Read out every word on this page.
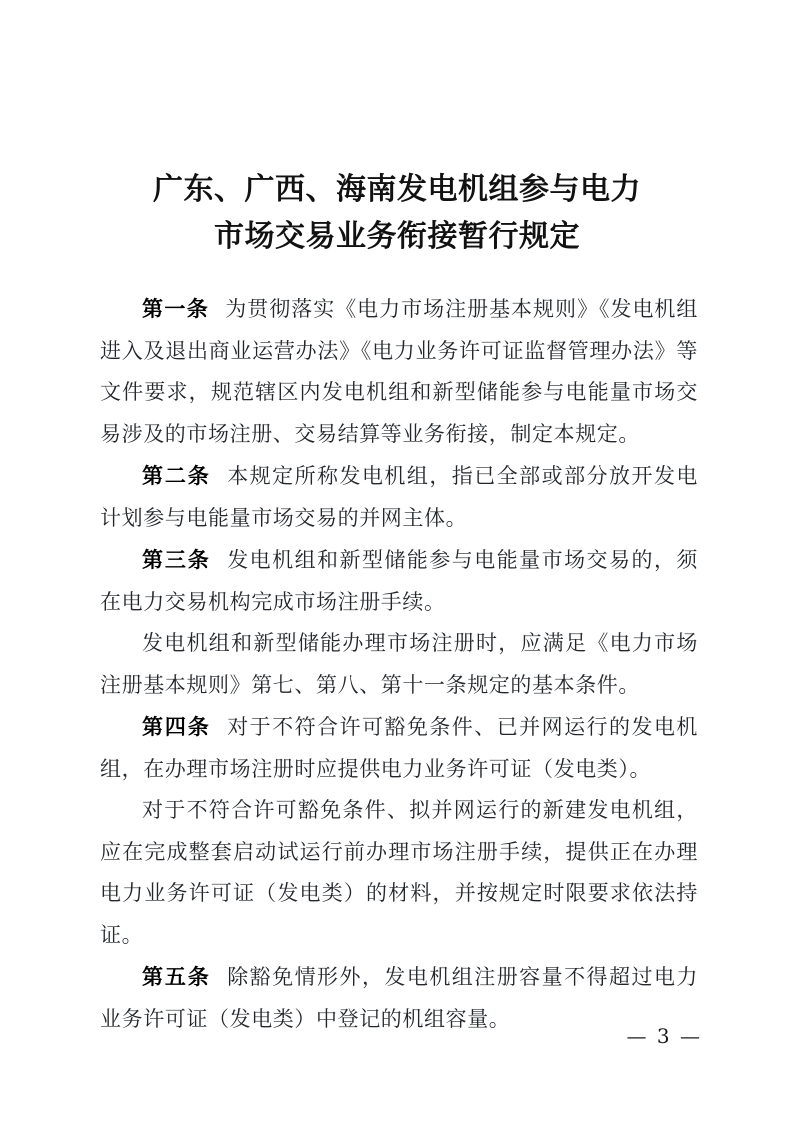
广东、广西、海南发电机组参与电力
市场交易业务衔接暂行规定

第一条 为贯彻落实《电力市场注册基本规则》《发电机组进入及退出商业运营办法》《电力业务许可证监督管理办法》等文件要求，规范辖区内发电机组和新型储能参与电能量市场交易涉及的市场注册、交易结算等业务衔接，制定本规定。

第二条 本规定所称发电机组，指已全部或部分放开发电计划参与电能量市场交易的并网主体。

第三条 发电机组和新型储能参与电能量市场交易的，须在电力交易机构完成市场注册手续。

发电机组和新型储能办理市场注册时，应满足《电力市场注册基本规则》第七、第八、第十一条规定的基本条件。

第四条 对于不符合许可豁免条件、已并网运行的发电机组，在办理市场注册时应提供电力业务许可证（发电类）。

对于不符合许可豁免条件、拟并网运行的新建发电机组，应在完成整套启动试运行前办理市场注册手续，提供正在办理电力业务许可证（发电类）的材料，并按规定时限要求依法持证。

第五条 除豁免情形外，发电机组注册容量不得超过电力业务许可证（发电类）中登记的机组容量。

— 3 —
